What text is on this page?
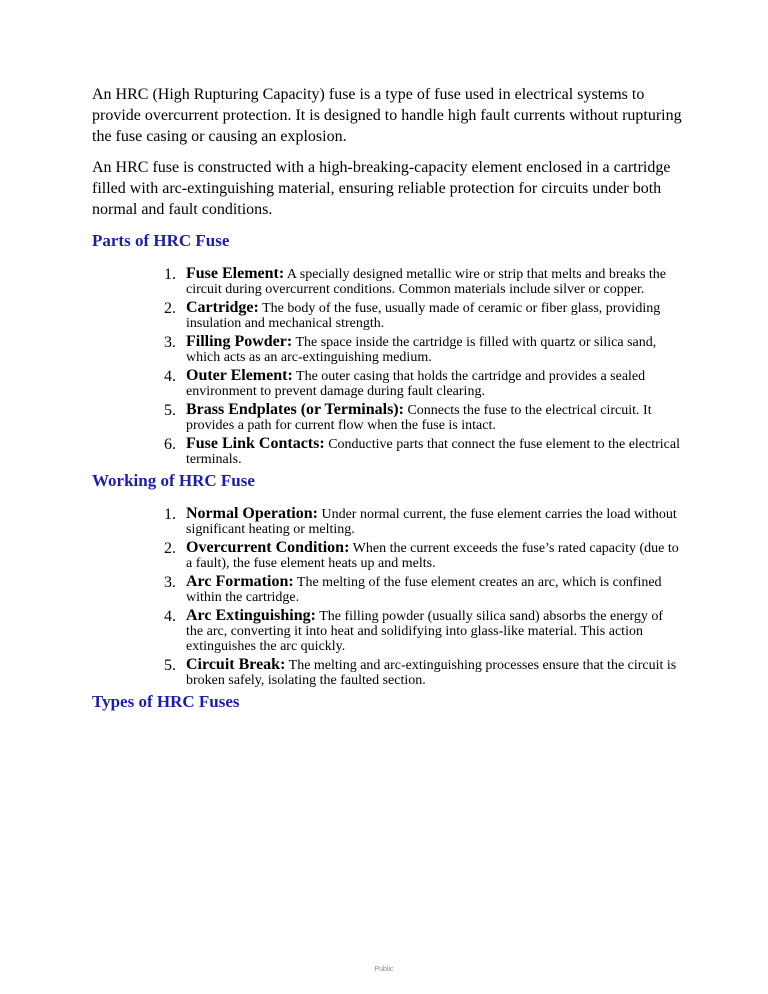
An HRC (High Rupturing Capacity) fuse is a type of fuse used in electrical systems to provide overcurrent protection. It is designed to handle high fault currents without rupturing the fuse casing or causing an explosion.

An HRC fuse is constructed with a high-breaking-capacity element enclosed in a cartridge filled with arc-extinguishing material, ensuring reliable protection for circuits under both normal and fault conditions.

Parts of HRC Fuse
1. Fuse Element: A specially designed metallic wire or strip that melts and breaks the circuit during overcurrent conditions. Common materials include silver or copper.
2. Cartridge: The body of the fuse, usually made of ceramic or fiber glass, providing insulation and mechanical strength.
3. Filling Powder: The space inside the cartridge is filled with quartz or silica sand, which acts as an arc-extinguishing medium.
4. Outer Element: The outer casing that holds the cartridge and provides a sealed environment to prevent damage during fault clearing.
5. Brass Endplates (or Terminals): Connects the fuse to the electrical circuit. It provides a path for current flow when the fuse is intact.
6. Fuse Link Contacts: Conductive parts that connect the fuse element to the electrical terminals.
Working of HRC Fuse
1. Normal Operation: Under normal current, the fuse element carries the load without significant heating or melting.
2. Overcurrent Condition: When the current exceeds the fuse’s rated capacity (due to a fault), the fuse element heats up and melts.
3. Arc Formation: The melting of the fuse element creates an arc, which is confined within the cartridge.
4. Arc Extinguishing: The filling powder (usually silica sand) absorbs the energy of the arc, converting it into heat and solidifying into glass-like material. This action extinguishes the arc quickly.
5. Circuit Break: The melting and arc-extinguishing processes ensure that the circuit is broken safely, isolating the faulted section.
Types of HRC Fuses
Public
